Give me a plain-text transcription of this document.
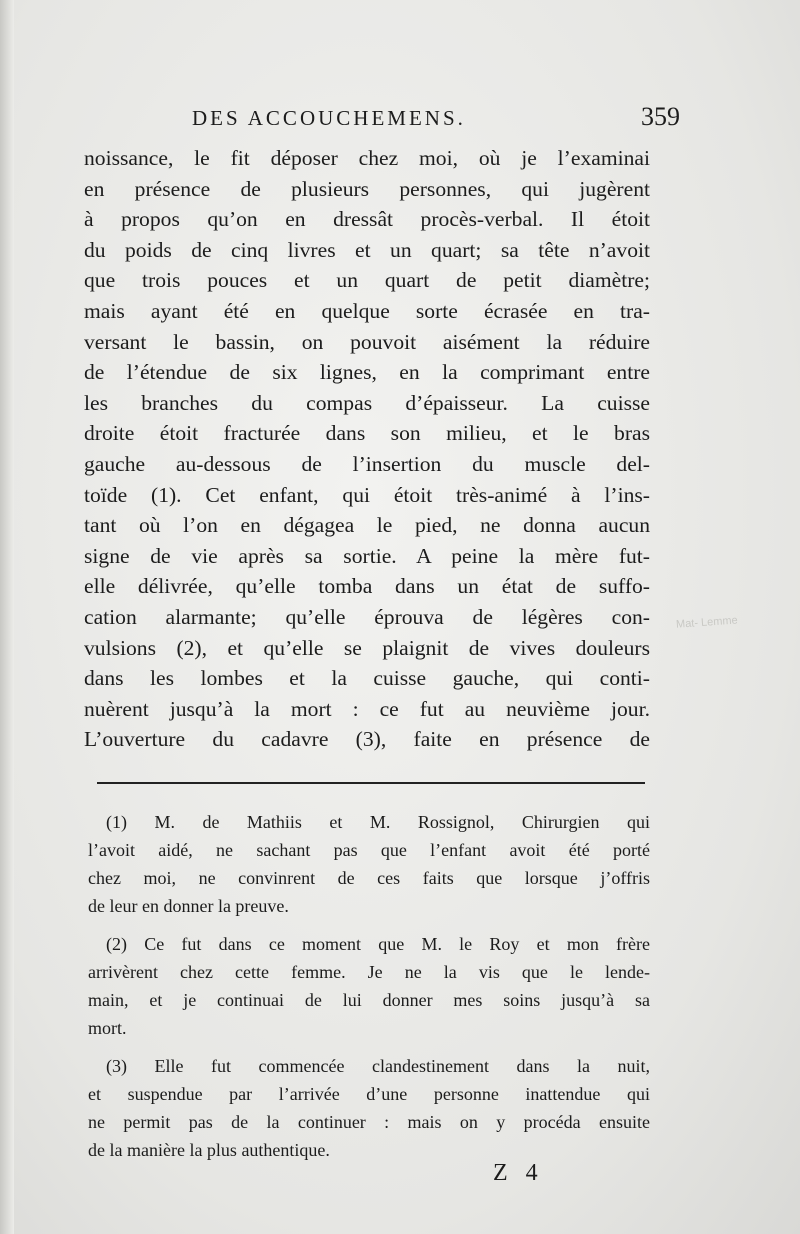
DES ACCOUCHEMENS.	359
noissance, le fit déposer chez moi, où je l’examinai
en présence de plusieurs personnes, qui jugèrent
à propos qu’on en dressât procès-verbal. Il étoit
du poids de cinq livres et un quart; sa tête n’avoit
que trois pouces et un quart de petit diamètre;
mais ayant été en quelque sorte écrasée en tra-
versant le bassin, on pouvoit aisément la réduire
de l’étendue de six lignes, en la comprimant entre
les branches du compas d’épaisseur. La cuisse
droite étoit fracturée dans son milieu, et le bras
gauche au-dessous de l’insertion du muscle del-
toïde (1). Cet enfant, qui étoit très-animé à l’ins-
tant où l’on en dégagea le pied, ne donna aucun
signe de vie après sa sortie. A peine la mère fut-
elle délivrée, qu’elle tomba dans un état de suffo-
cation alarmante; qu’elle éprouva de légères con-
vulsions (2), et qu’elle se plaignit de vives douleurs
dans les lombes et la cuisse gauche, qui conti-
nuèrent jusqu’à la mort : ce fut au neuvième jour.
L’ouverture du cadavre (3), faite en présence de
(1) M. de Mathiis et M. Rossignol, Chirurgien qui
l’avoit aidé, ne sachant pas que l’enfant avoit été porté
chez moi, ne convinrent de ces faits que lorsque j’offris
de leur en donner la preuve.
(2) Ce fut dans ce moment que M. le Roy et mon frère
arrivèrent chez cette femme. Je ne la vis que le lende-
main, et je continuai de lui donner mes soins jusqu’à sa
mort.
(3) Elle fut commencée clandestinement dans la nuit,
et suspendue par l’arrivée d’une personne inattendue qui
ne permit pas de la continuer : mais on y procéda ensuite
de la manière la plus authentique.
Mat- Lemme
Z 4
